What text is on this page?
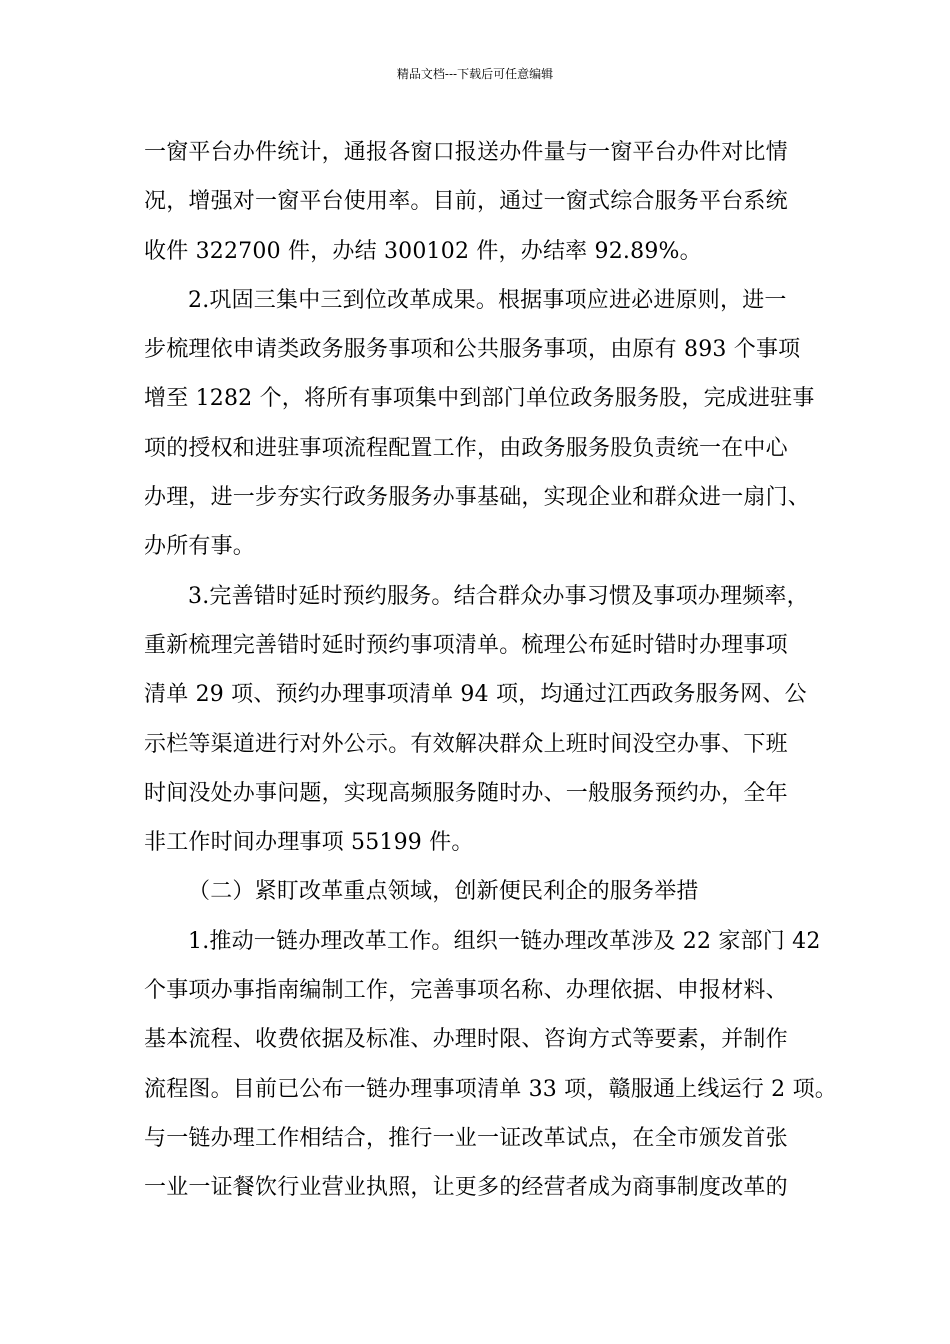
精品文档---下载后可任意编辑
一窗平台办件统计，通报各窗口报送办件量与一窗平台办件对比情
况，增强对一窗平台使用率。目前，通过一窗式综合服务平台系统
收件 322700 件，办结 300102 件，办结率 92.89%。
2.巩固三集中三到位改革成果。根据事项应进必进原则，进一
步梳理依申请类政务服务事项和公共服务事项，由原有 893 个事项
增至 1282 个，将所有事项集中到部门单位政务服务股，完成进驻事
项的授权和进驻事项流程配置工作，由政务服务股负责统一在中心
办理，进一步夯实行政务服务办事基础，实现企业和群众进一扇门、
办所有事。
3.完善错时延时预约服务。结合群众办事习惯及事项办理频率，
重新梳理完善错时延时预约事项清单。梳理公布延时错时办理事项
清单 29 项、预约办理事项清单 94 项，均通过江西政务服务网、公
示栏等渠道进行对外公示。有效解决群众上班时间没空办事、下班
时间没处办事问题，实现高频服务随时办、一般服务预约办，全年
非工作时间办理事项 55199 件。
（二）紧盯改革重点领域，创新便民利企的服务举措
1.推动一链办理改革工作。组织一链办理改革涉及 22 家部门 42
个事项办事指南编制工作，完善事项名称、办理依据、申报材料、
基本流程、收费依据及标准、办理时限、咨询方式等要素，并制作
流程图。目前已公布一链办理事项清单 33 项，赣服通上线运行 2 项。
与一链办理工作相结合，推行一业一证改革试点，在全市颁发首张
一业一证餐饮行业营业执照，让更多的经营者成为商事制度改革的
